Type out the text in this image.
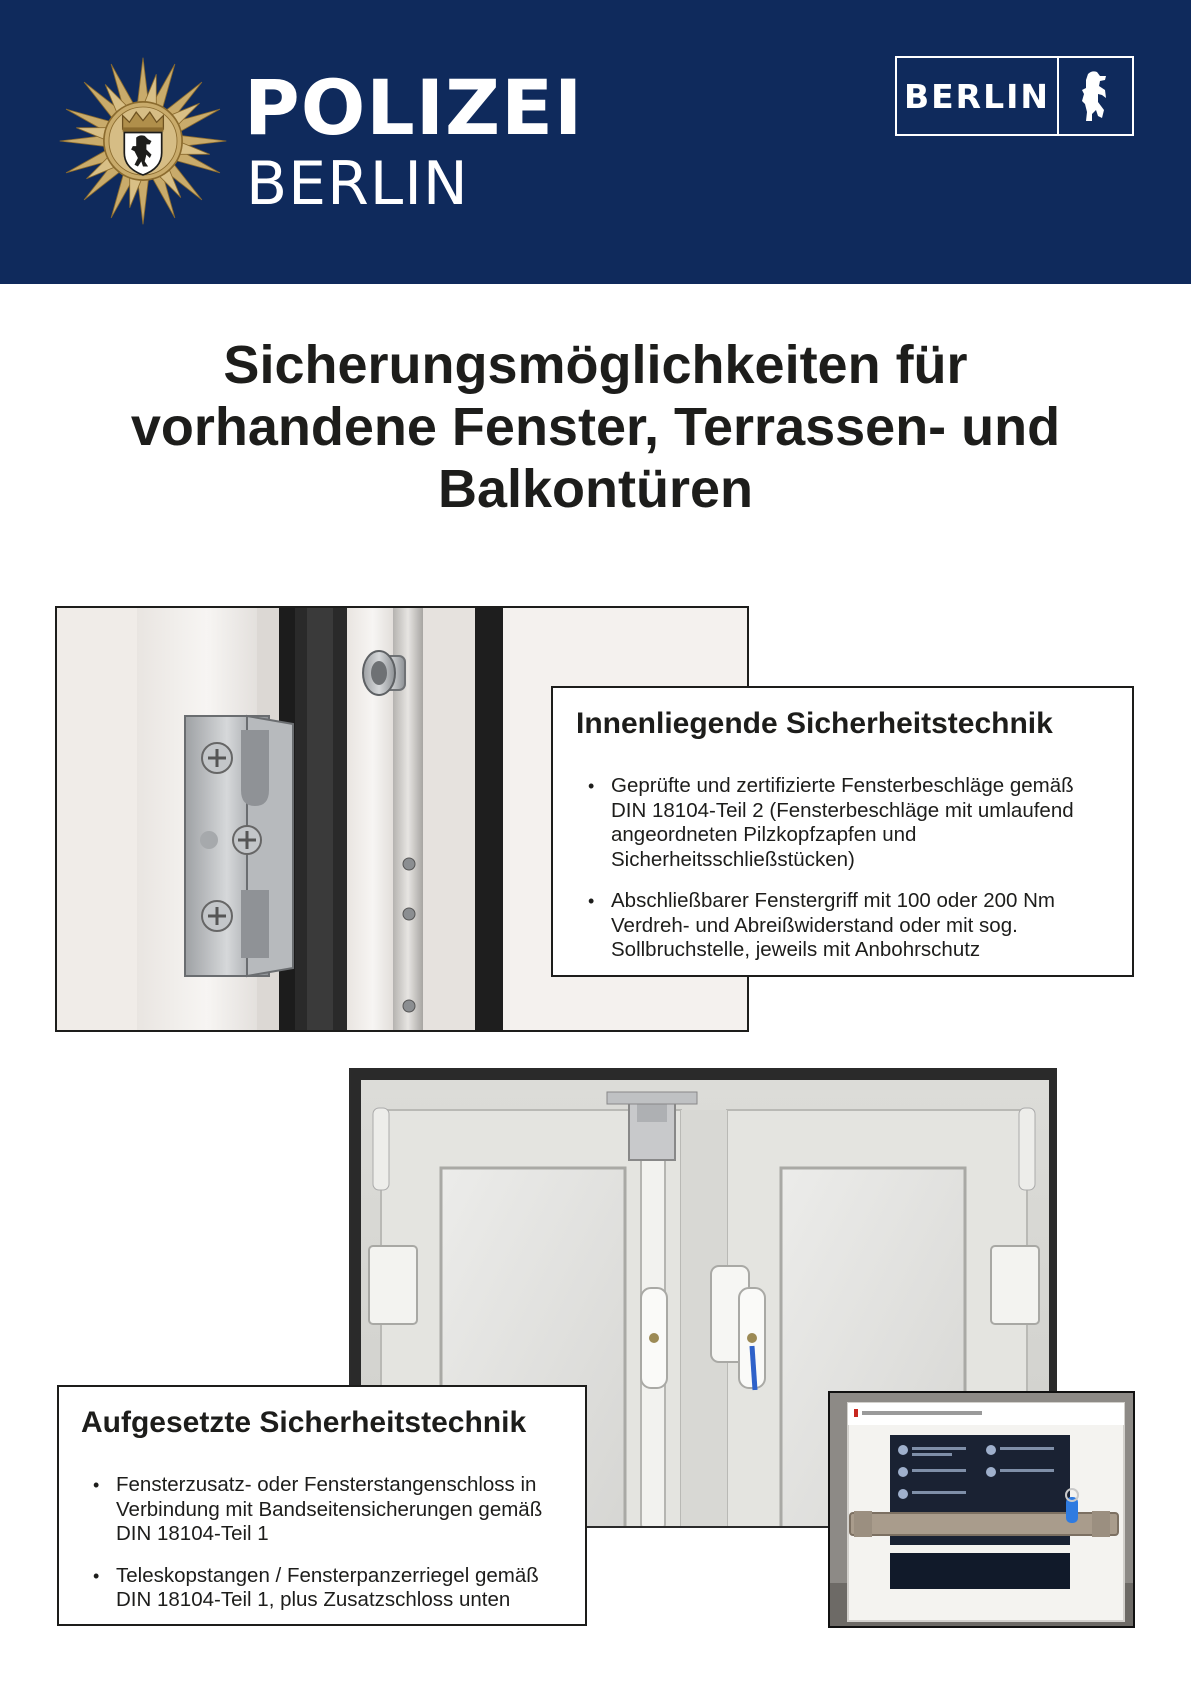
POLIZEI
BERLIN
BERLIN
Sicherungsmöglichkeiten für
vorhandene Fenster, Terrassen- und
Balkontüren
Innenliegende Sicherheitstechnik
• Geprüfte und zertifizierte Fensterbeschläge gemäß DIN 18104-Teil 2 (Fensterbeschläge mit umlaufend angeordneten Pilzkopfzapfen und Sicherheitsschließstücken)
• Abschließbarer Fenstergriff mit 100 oder 200 Nm Verdreh- und Abreißwiderstand oder mit sog. Sollbruchstelle, jeweils mit Anbohrschutz
Aufgesetzte Sicherheitstechnik
• Fensterzusatz- oder Fensterstangenschloss in Verbindung mit Bandseitensicherungen gemäß DIN 18104-Teil 1
• Teleskopstangen / Fensterpanzerriegel gemäß DIN 18104-Teil 1, plus Zusatzschloss unten
